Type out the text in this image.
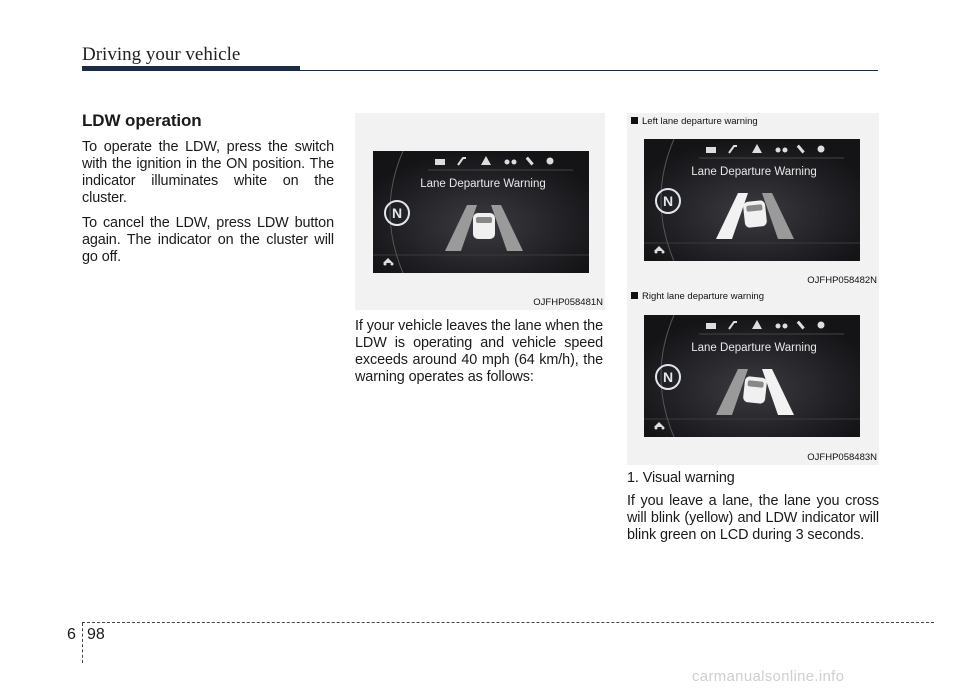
Driving your vehicle
LDW operation

To operate the LDW, press the switch with the ignition in the ON position. The indicator illuminates white on the cluster.

To cancel the LDW, press LDW button again. The indicator on the cluster will go off.

Lane Departure Warning
N
OJFHP058481N

If your vehicle leaves the lane when the LDW is operating and vehicle speed exceeds around 40 mph (64 km/h), the warning operates as follows:

Left lane departure warning
Lane Departure Warning
N
OJFHP058482N
Right lane departure warning
Lane Departure Warning
N
OJFHP058483N

1. Visual warning

If you leave a lane, the lane you cross will blink (yellow) and LDW indicator will blink green on LCD during 3 seconds.

6 98
carmanualsonline.info
